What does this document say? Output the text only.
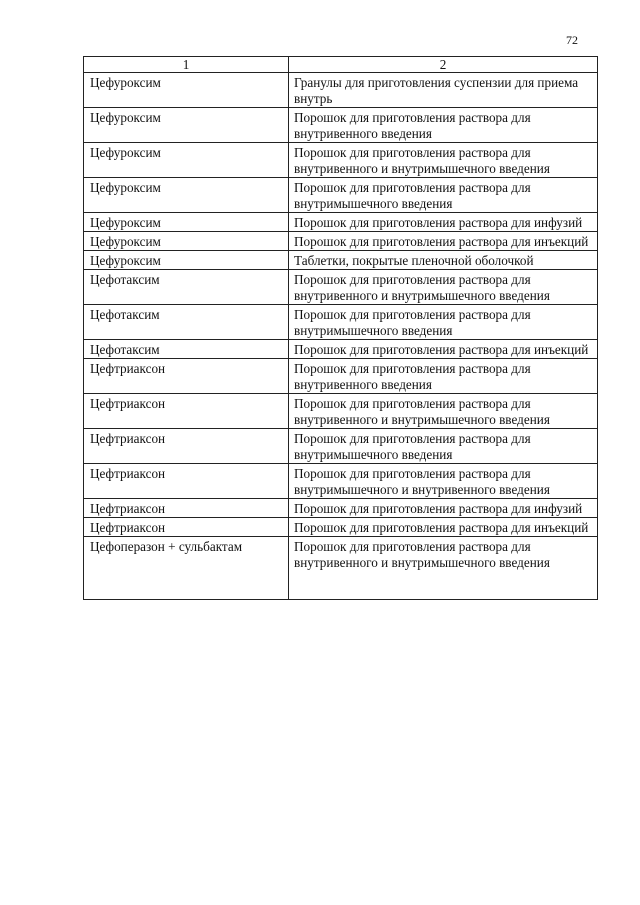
72
1	2
Цефуроксим	Гранулы для приготовления суспензии для приема внутрь
Цефуроксим	Порошок для приготовления раствора для внутривенного введения
Цефуроксим	Порошок для приготовления раствора для внутривенного и внутримышечного введения
Цефуроксим	Порошок для приготовления раствора для внутримышечного введения
Цефуроксим	Порошок для приготовления раствора для инфузий
Цефуроксим	Порошок для приготовления раствора для инъекций
Цефуроксим	Таблетки, покрытые пленочной оболочкой
Цефотаксим	Порошок для приготовления раствора для внутривенного и внутримышечного введения
Цефотаксим	Порошок для приготовления раствора для внутримышечного введения
Цефотаксим	Порошок для приготовления раствора для инъекций
Цефтриаксон	Порошок для приготовления раствора для внутривенного введения
Цефтриаксон	Порошок для приготовления раствора для внутривенного и внутримышечного введения
Цефтриаксон	Порошок для приготовления раствора для внутримышечного введения
Цефтриаксон	Порошок для приготовления раствора для внутримышечного и внутривенного введения
Цефтриаксон	Порошок для приготовления раствора для инфузий
Цефтриаксон	Порошок для приготовления раствора для инъекций
Цефоперазон + сульбактам	Порошок для приготовления раствора для внутривенного и внутримышечного введения
